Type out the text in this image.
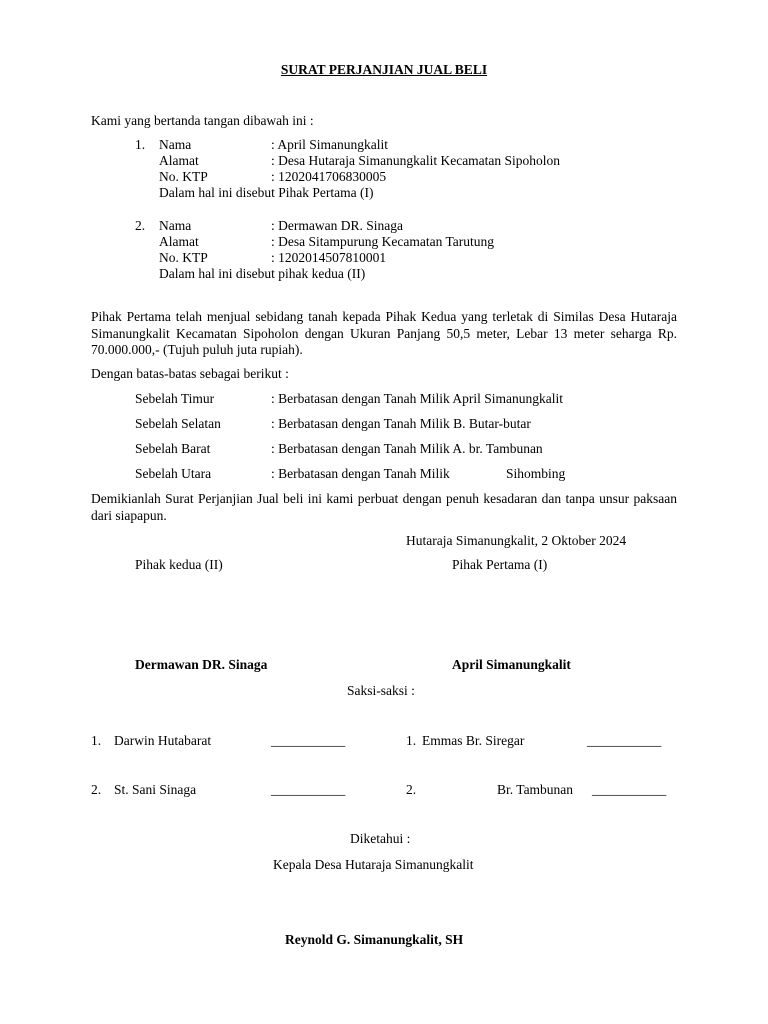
SURAT PERJANJIAN JUAL BELI
Kami yang bertanda tangan dibawah ini :
1. Nama	: April Simanungkalit
Alamat	: Desa Hutaraja Simanungkalit Kecamatan Sipoholon
No. KTP	: 1202041706830005
Dalam hal ini disebut Pihak Pertama (I)
2. Nama	: Dermawan DR. Sinaga
Alamat	: Desa Sitampurung Kecamatan Tarutung
No. KTP	: 1202014507810001
Dalam hal ini disebut pihak kedua (II)
Pihak Pertama telah menjual sebidang tanah kepada Pihak Kedua yang terletak di Similas Desa Hutaraja Simanungkalit Kecamatan Sipoholon dengan Ukuran Panjang 50,5 meter, Lebar 13 meter seharga Rp. 70.000.000,- (Tujuh puluh juta rupiah).
Dengan batas-batas sebagai berikut :
Sebelah Timur	: Berbatasan dengan Tanah Milik April Simanungkalit
Sebelah Selatan	: Berbatasan dengan Tanah Milik B. Butar-butar
Sebelah Barat	: Berbatasan dengan Tanah Milik A. br. Tambunan
Sebelah Utara	: Berbatasan dengan Tanah Milik	Sihombing
Demikianlah Surat Perjanjian Jual beli ini kami perbuat dengan penuh kesadaran dan tanpa unsur paksaan dari siapapun.
Hutaraja Simanungkalit, 2 Oktober 2024
Pihak kedua (II)	Pihak Pertama (I)
Dermawan DR. Sinaga	April Simanungkalit
Saksi-saksi :
1. Darwin Hutabarat	___________	1. Emmas Br. Siregar	___________
2. St. Sani Sinaga	___________	2.	Br. Tambunan ___________
Diketahui :
Kepala Desa Hutaraja Simanungkalit
Reynold G. Simanungkalit, SH
